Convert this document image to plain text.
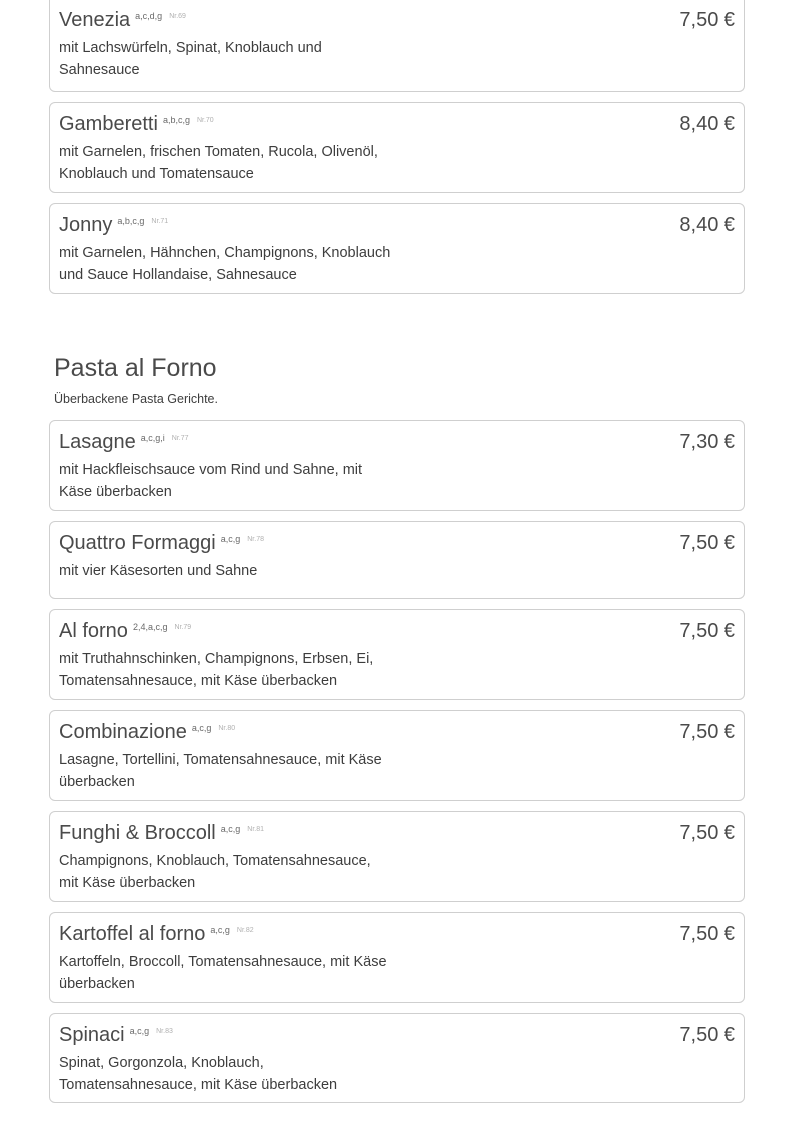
Venezia a,c,d,g Nr.69	7,50 €
mit Lachswürfeln, Spinat, Knoblauch und Sahnesauce
Gamberetti a,b,c,g Nr.70	8,40 €
mit Garnelen, frischen Tomaten, Rucola, Olivenöl, Knoblauch und Tomatensauce
Jonny a,b,c,g Nr.71	8,40 €
mit Garnelen, Hähnchen, Champignons, Knoblauch und Sauce Hollandaise, Sahnesauce
Pasta al Forno

Überbackene Pasta Gerichte.

Lasagne a,c,g,i Nr.77	7,30 €
mit Hackfleischsauce vom Rind und Sahne, mit Käse überbacken
Quattro Formaggi a,c,g Nr.78	7,50 €
mit vier Käsesorten und Sahne
Al forno 2,4,a,c,g Nr.79	7,50 €
mit Truthahnschinken, Champignons, Erbsen, Ei, Tomatensahnesauce, mit Käse überbacken
Combinazione a,c,g Nr.80	7,50 €
Lasagne, Tortellini, Tomatensahnesauce, mit Käse überbacken
Funghi & Broccoll a,c,g Nr.81	7,50 €
Champignons, Knoblauch, Tomatensahnesauce, mit Käse überbacken
Kartoffel al forno a,c,g Nr.82	7,50 €
Kartoffeln, Broccoll, Tomatensahnesauce, mit Käse überbacken
Spinaci a,c,g Nr.83	7,50 €
Spinat, Gorgonzola, Knoblauch, Tomatensahnesauce, mit Käse überbacken
